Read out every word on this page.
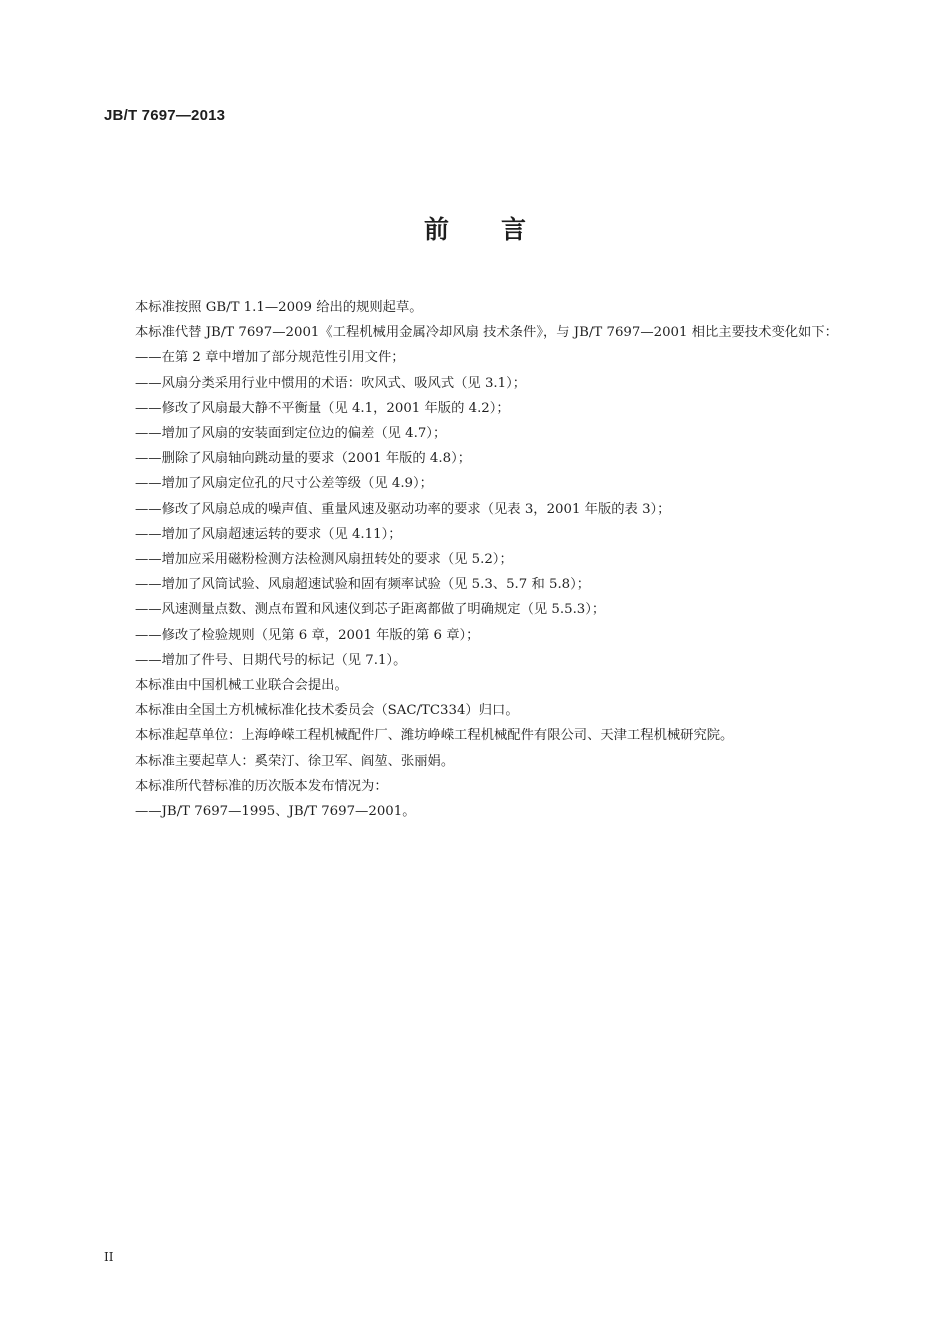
JB/T 7697—2013
前 言

本标准按照 GB/T 1.1—2009 给出的规则起草。

本标准代替 JB/T 7697—2001《工程机械用金属冷却风扇 技术条件》，与 JB/T 7697—2001 相比主要技术变化如下：

——在第 2 章中增加了部分规范性引用文件；

——风扇分类采用行业中惯用的术语：吹风式、吸风式（见 3.1）；

——修改了风扇最大静不平衡量（见 4.1，2001 年版的 4.2）；

——增加了风扇的安装面到定位边的偏差（见 4.7）；

——删除了风扇轴向跳动量的要求（2001 年版的 4.8）；

——增加了风扇定位孔的尺寸公差等级（见 4.9）；

——修改了风扇总成的噪声值、重量风速及驱动功率的要求（见表 3，2001 年版的表 3）；

——增加了风扇超速运转的要求（见 4.11）；

——增加应采用磁粉检测方法检测风扇扭转处的要求（见 5.2）；

——增加了风筒试验、风扇超速试验和固有频率试验（见 5.3、5.7 和 5.8）；

——风速测量点数、测点布置和风速仪到芯子距离都做了明确规定（见 5.5.3）；

——修改了检验规则（见第 6 章，2001 年版的第 6 章）；

——增加了件号、日期代号的标记（见 7.1）。

本标准由中国机械工业联合会提出。

本标准由全国土方机械标准化技术委员会（SAC/TC334）归口。

本标准起草单位：上海峥嵘工程机械配件厂、潍坊峥嵘工程机械配件有限公司、天津工程机械研究院。

本标准主要起草人：奚荣汀、徐卫军、阎堃、张丽娟。

本标准所代替标准的历次版本发布情况为：

——JB/T 7697—1995、JB/T 7697—2001。

II
